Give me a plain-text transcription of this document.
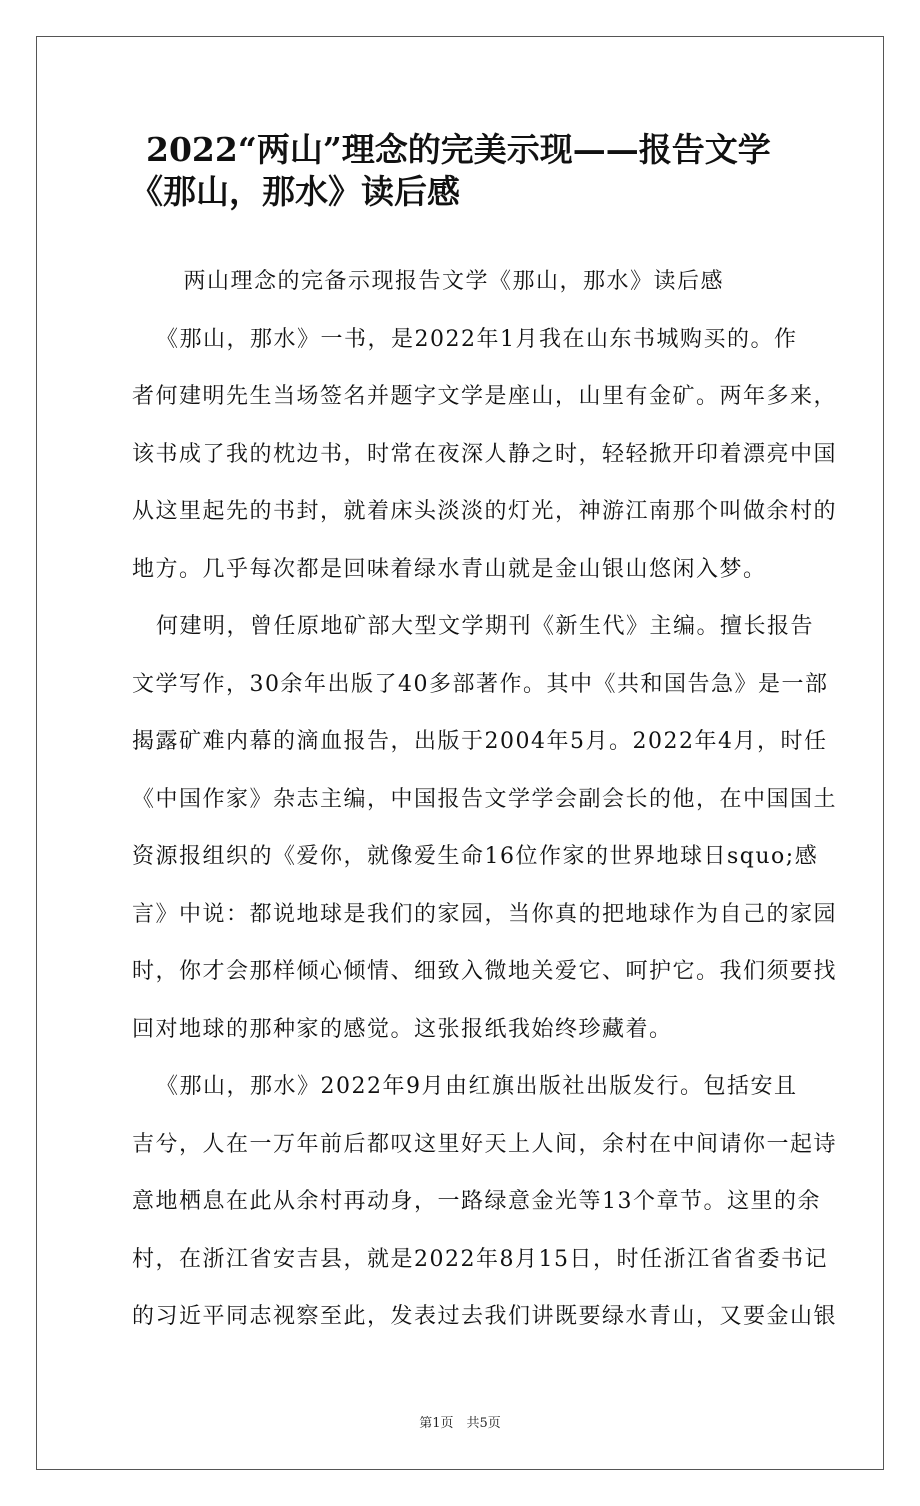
2022“两山”理念的完美示现——报告文学
《那山，那水》读后感
　两山理念的完备示现报告文学《那山，那水》读后感
《那山，那水》一书，是2022年1月我在山东书城购买的。作
者何建明先生当场签名并题字文学是座山，山里有金矿。两年多来，
该书成了我的枕边书，时常在夜深人静之时，轻轻掀开印着漂亮中国
从这里起先的书封，就着床头淡淡的灯光，神游江南那个叫做余村的
地方。几乎每次都是回味着绿水青山就是金山银山悠闲入梦。
何建明，曾任原地矿部大型文学期刊《新生代》主编。擅长报告
文学写作，30余年出版了40多部著作。其中《共和国告急》是一部
揭露矿难内幕的滴血报告，出版于2004年5月。2022年4月，时任
《中国作家》杂志主编，中国报告文学学会副会长的他，在中国国土
资源报组织的《爱你，就像爱生命16位作家的世界地球日squo;感
言》中说：都说地球是我们的家园，当你真的把地球作为自己的家园
时，你才会那样倾心倾情、细致入微地关爱它、呵护它。我们须要找
回对地球的那种家的感觉。这张报纸我始终珍藏着。
《那山，那水》2022年9月由红旗出版社出版发行。包括安且
吉兮，人在一万年前后都叹这里好天上人间，余村在中间请你一起诗
意地栖息在此从余村再动身，一路绿意金光等13个章节。这里的余
村，在浙江省安吉县，就是2022年8月15日，时任浙江省省委书记
的习近平同志视察至此，发表过去我们讲既要绿水青山，又要金山银
第1页　共5页
